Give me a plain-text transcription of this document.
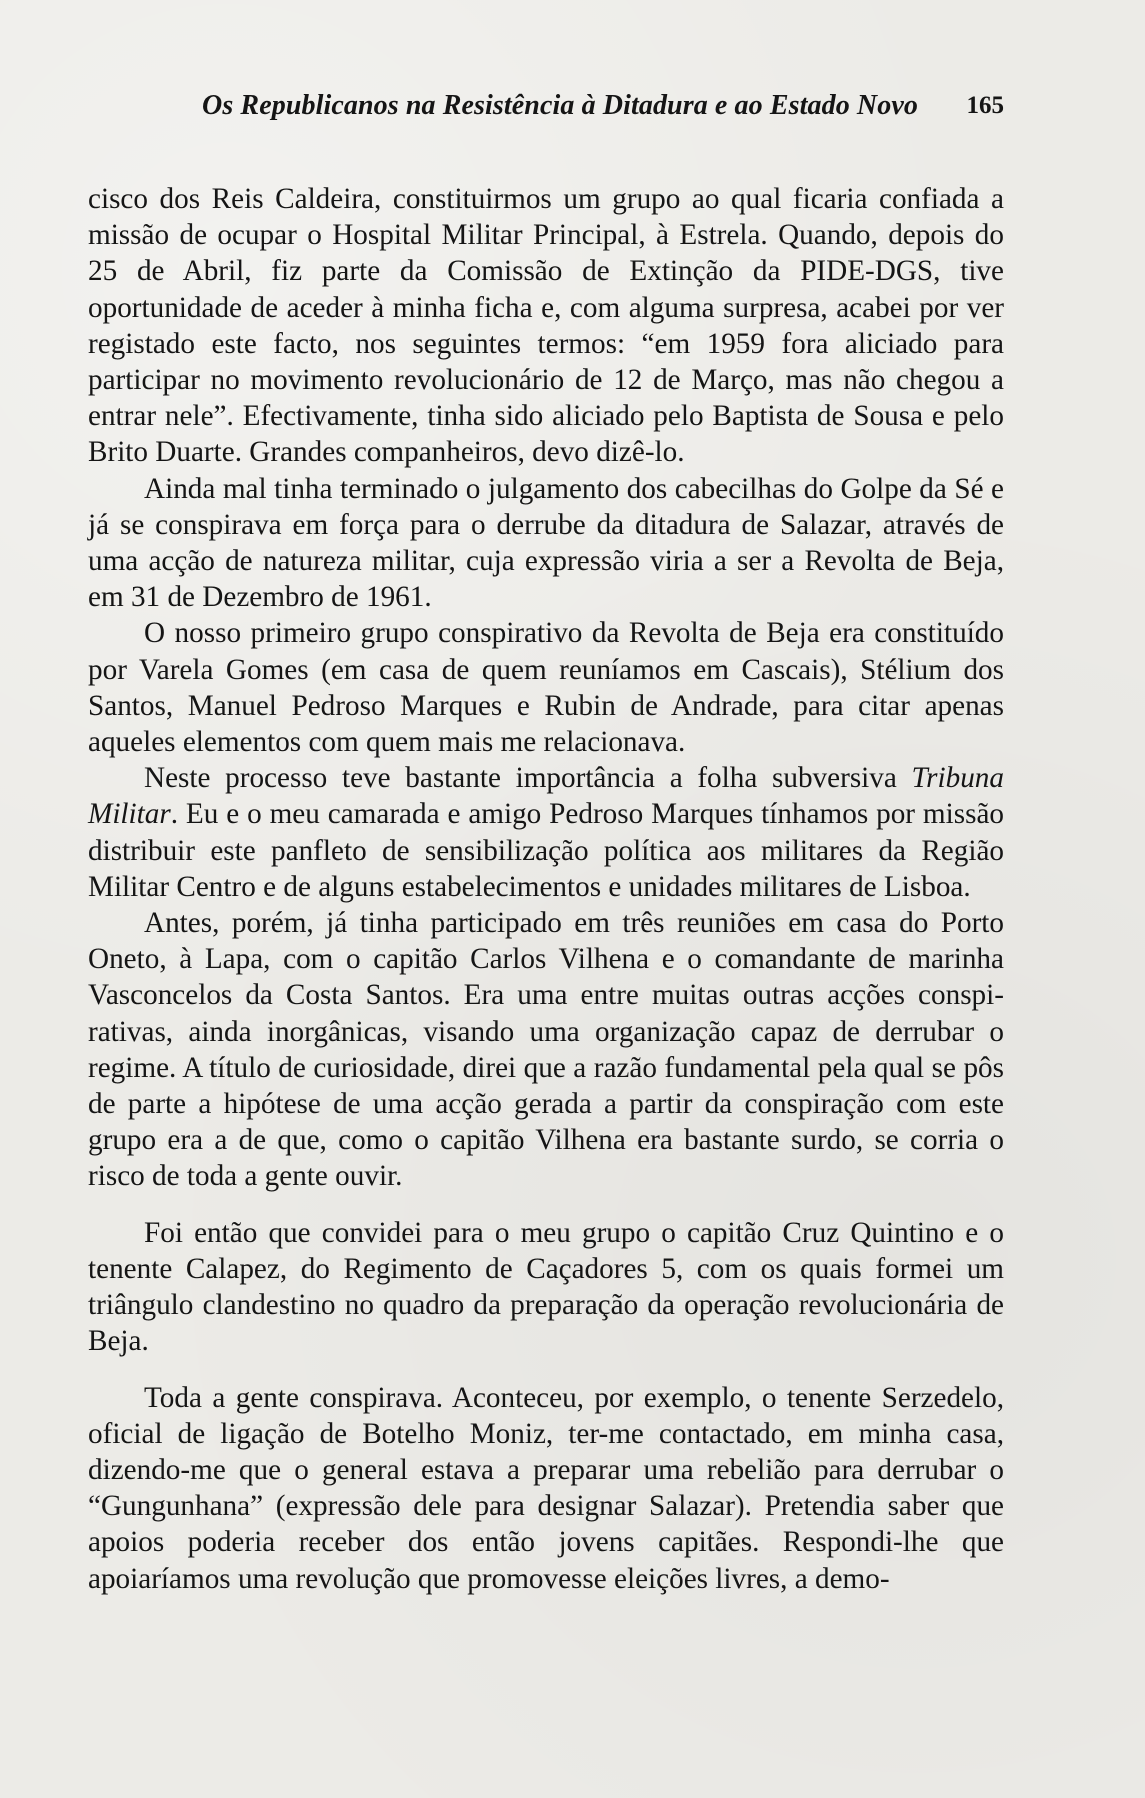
Os Republicanos na Resistência à Ditadura e ao Estado Novo 165

cisco dos Reis Caldeira, constituirmos um grupo ao qual ficaria confiada a missão de ocupar o Hospital Militar Principal, à Estrela. Quando, depois do 25 de Abril, fiz parte da Comissão de Extinção da PIDE-DGS, tive oportunidade de aceder à minha ficha e, com alguma surpresa, acabei por ver registado este facto, nos seguintes termos: “em 1959 fora aliciado para participar no movimento revolucionário de 12 de Março, mas não chegou a entrar nele”. Efectivamente, tinha sido aliciado pelo Baptista de Sousa e pelo Brito Duarte. Grandes companheiros, devo dizê-lo.

Ainda mal tinha terminado o julgamento dos cabecilhas do Golpe da Sé e já se conspirava em força para o derrube da ditadura de Salazar, através de uma acção de natureza militar, cuja expressão viria a ser a Revolta de Beja, em 31 de Dezembro de 1961.

O nosso primeiro grupo conspirativo da Revolta de Beja era constituído por Varela Gomes (em casa de quem reuníamos em Cascais), Stélium dos Santos, Manuel Pedroso Marques e Rubin de Andrade, para citar apenas aqueles elementos com quem mais me relacionava.

Neste processo teve bastante importância a folha subversiva Tribuna Militar. Eu e o meu camarada e amigo Pedroso Marques tínhamos por missão distribuir este panfleto de sensibilização política aos militares da Região Militar Centro e de alguns estabelecimentos e unidades militares de Lisboa.

Antes, porém, já tinha participado em três reuniões em casa do Porto Oneto, à Lapa, com o capitão Carlos Vilhena e o comandante de marinha Vasconcelos da Costa Santos. Era uma entre muitas outras acções conspirativas, ainda inorgânicas, visando uma organização capaz de derrubar o regime. A título de curiosidade, direi que a razão fundamental pela qual se pôs de parte a hipótese de uma acção gerada a partir da conspiração com este grupo era a de que, como o capitão Vilhena era bastante surdo, se corria o risco de toda a gente ouvir.

Foi então que convidei para o meu grupo o capitão Cruz Quintino e o tenente Calapez, do Regimento de Caçadores 5, com os quais formei um triângulo clandestino no quadro da preparação da operação revolucionária de Beja.

Toda a gente conspirava. Aconteceu, por exemplo, o tenente Serzedelo, oficial de ligação de Botelho Moniz, ter-me contactado, em minha casa, dizendo-me que o general estava a preparar uma rebelião para derrubar o “Gungunhana” (expressão dele para designar Salazar). Pretendia saber que apoios poderia receber dos então jovens capitães. Respondi-lhe que apoiaríamos uma revolução que promovesse eleições livres, a demo-
